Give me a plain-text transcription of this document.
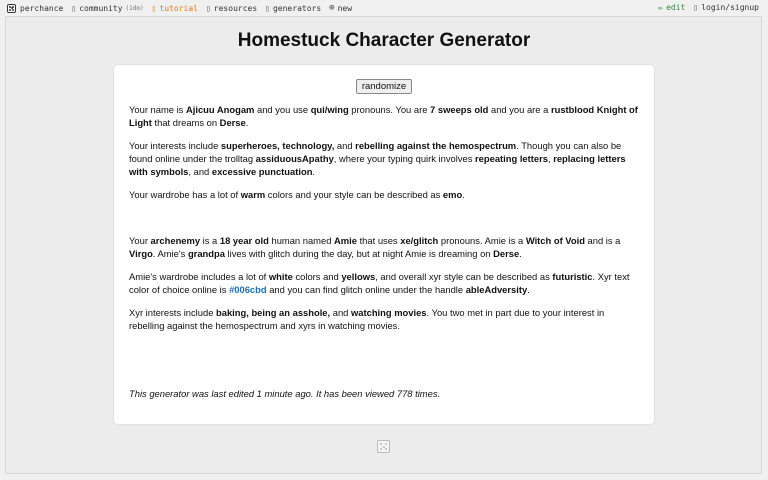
perchance ▯ community (1dm) ▯ tutorial ▯ resources ▯ generators ⊕ new	✏ edit ▯ login/signup
Homestuck Character Generator
randomize

Your name is Ajicuu Anogam and you use qui/wing pronouns. You are 7 sweeps old and you are a rustblood Knight of Light that dreams on Derse.

Your interests include superheroes, technology, and rebelling against the hemospectrum. Though you can also be found online under the trolltag assiduousApathy, where your typing quirk involves repeating letters, replacing letters with symbols, and excessive punctuation.

Your wardrobe has a lot of warm colors and your style can be described as emo.

Your archenemy is a 18 year old human named Amie that uses xe/glitch pronouns. Amie is a Witch of Void and is a Virgo. Amie's grandpa lives with glitch during the day, but at night Amie is dreaming on Derse.

Amie's wardrobe includes a lot of white colors and yellows, and overall xyr style can be described as futuristic. Xyr text color of choice online is #006cbd and you can find glitch online under the handle ableAdversity.

Xyr interests include baking, being an asshole, and watching movies. You two met in part due to your interest in rebelling against the hemospectrum and xyrs in watching movies.

This generator was last edited 1 minute ago. It has been viewed 778 times.
